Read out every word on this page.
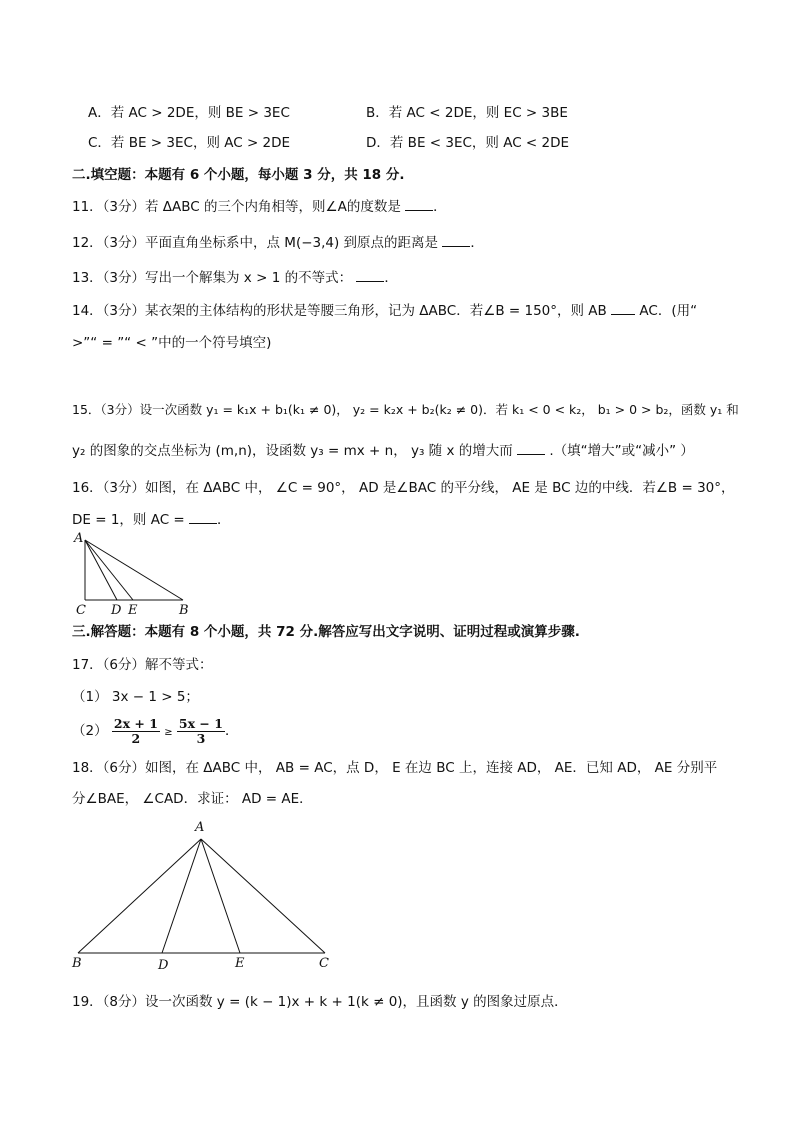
A．若 AC > 2DE，则 BE > 3EC	B．若 AC < 2DE，则 EC > 3BE
C．若 BE > 3EC，则 AC > 2DE	D．若 BE < 3EC，则 AC < 2DE
二.填空题：本题有 6 个小题，每小题 3 分，共 18 分.
11．（3分）若 ΔABC 的三个内角相等，则∠A的度数是 ．
12．（3分）平面直角坐标系中，点 M(−3,4) 到原点的距离是 ．
13．（3分）写出一个解集为 x > 1 的不等式： ．
14．（3分）某衣架的主体结构的形状是等腰三角形，记为 ΔABC．若∠B = 150°，则 AB AC．(用“
>”“ = ”“ < ”中的一个符号填空)
15．（3分）设一次函数 y₁ = k₁x + b₁(k₁ ≠ 0)， y₂ = k₂x + b₂(k₂ ≠ 0)．若 k₁ < 0 < k₂， b₁ > 0 > b₂，函数 y₁ 和
y₂ 的图象的交点坐标为 (m,n)，设函数 y₃ = mx + n， y₃ 随 x 的增大而	.（填“增大”或“减小” ）
16．（3分）如图，在 ΔABC 中， ∠C = 90°， AD 是∠BAC 的平分线， AE 是 BC 边的中线．若∠B = 30°，
DE = 1，则 AC = ．
A
C D E	B
三.解答题：本题有 8 个小题，共 72 分.解答应写出文字说明、证明过程或演算步骤.
17．（6分）解不等式：
（1） 3x − 1 > 5；
$(2) \frac{2x + 1}{2} \ge \frac{5x - 1}{3}$ ．
18．（6分）如图，在 ΔABC 中， AB = AC，点 D， E 在边 BC 上，连接 AD， AE．已知 AD， AE 分别平
分∠BAE， ∠CAD．求证： AD = AE．
A
B	D	E	C
19．（8分）设一次函数 y = (k − 1)x + k + 1(k ≠ 0)，且函数 y 的图象过原点．
